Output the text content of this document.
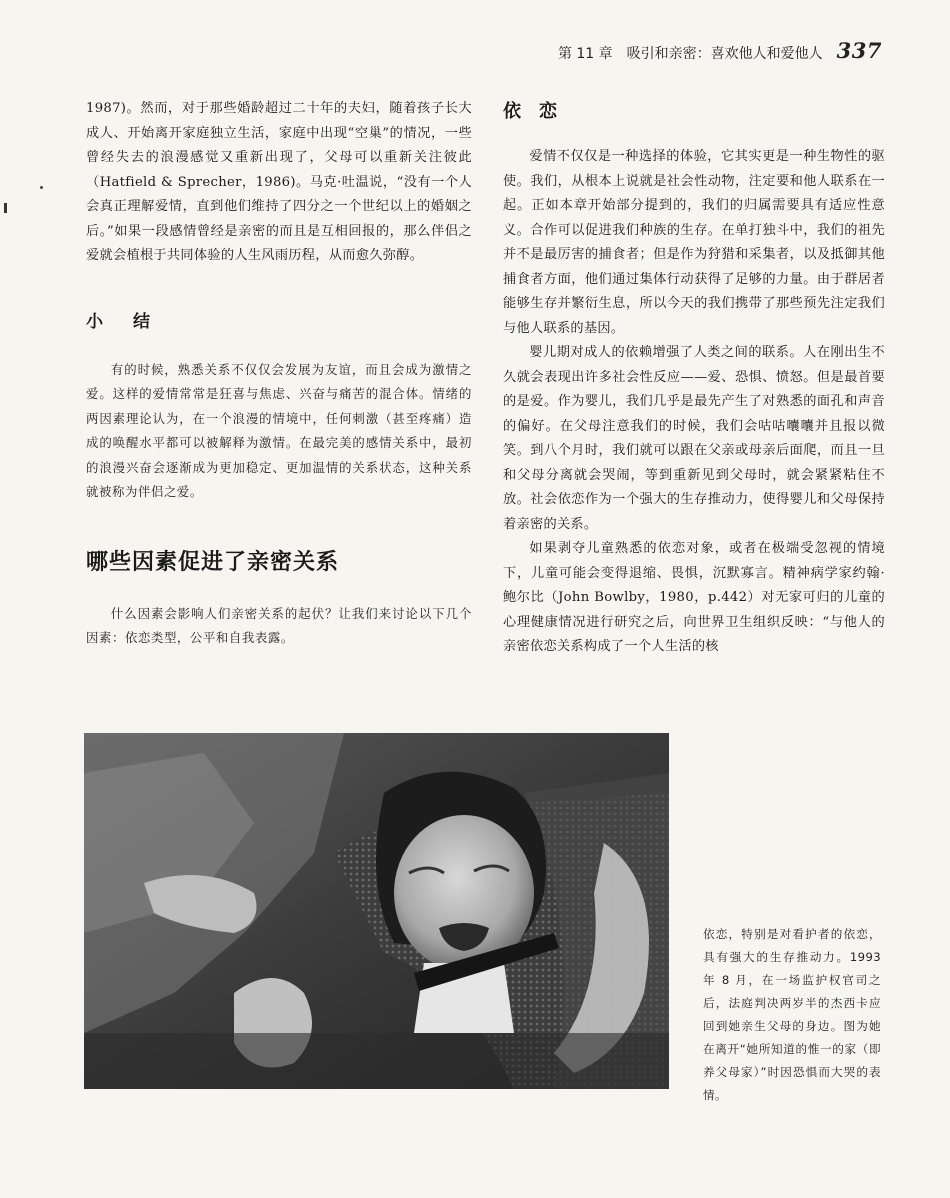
第 11 章 吸引和亲密：喜欢他人和爱他人 337

1987)。然而，对于那些婚龄超过二十年的夫妇，随着孩子长大成人、开始离开家庭独立生活，家庭中出现“空巢”的情况，一些曾经失去的浪漫感觉又重新出现了，父母可以重新关注彼此（Hatfield & Sprecher，1986)。马克·吐温说，“没有一个人会真正理解爱情，直到他们维持了四分之一个世纪以上的婚姻之后。”如果一段感情曾经是亲密的而且是互相回报的，那么伴侣之爱就会植根于共同体验的人生风雨历程，从而愈久弥醇。

小结

有的时候，熟悉关系不仅仅会发展为友谊，而且会成为激情之爱。这样的爱情常常是狂喜与焦虑、兴奋与痛苦的混合体。情绪的两因素理论认为，在一个浪漫的情境中，任何刺激（甚至疼痛）造成的唤醒水平都可以被解释为激情。在最完美的感情关系中，最初的浪漫兴奋会逐渐成为更加稳定、更加温情的关系状态，这种关系就被称为伴侣之爱。

哪些因素促进了亲密关系

什么因素会影响人们亲密关系的起伏？让我们来讨论以下几个因素：依恋类型，公平和自我表露。

依恋

爱情不仅仅是一种选择的体验，它其实更是一种生物性的驱使。我们，从根本上说就是社会性动物，注定要和他人联系在一起。正如本章开始部分提到的，我们的归属需要具有适应性意义。合作可以促进我们种族的生存。在单打独斗中，我们的祖先并不是最厉害的捕食者；但是作为狩猎和采集者，以及抵御其他捕食者方面，他们通过集体行动获得了足够的力量。由于群居者能够生存并繁衍生息，所以今天的我们携带了那些预先注定我们与他人联系的基因。

婴儿期对成人的依赖增强了人类之间的联系。人在刚出生不久就会表现出许多社会性反应——爱、恐惧、愤怒。但是最首要的是爱。作为婴儿，我们几乎是最先产生了对熟悉的面孔和声音的偏好。在父母注意我们的时候，我们会咕咕囔囔并且报以微笑。到八个月时，我们就可以跟在父亲或母亲后面爬，而且一旦和父母分离就会哭闹，等到重新见到父母时，就会紧紧粘住不放。社会依恋作为一个强大的生存推动力，使得婴儿和父母保持着亲密的关系。

如果剥夺儿童熟悉的依恋对象，或者在极端受忽视的情境下，儿童可能会变得退缩、畏惧，沉默寡言。精神病学家约翰·鲍尔比（John Bowlby，1980，p.442）对无家可归的儿童的心理健康情况进行研究之后，向世界卫生组织反映：“与他人的亲密依恋关系构成了一个人生活的核

依恋，特别是对看护者的依恋，具有强大的生存推动力。1993 年 8 月，在一场监护权官司之后，法庭判决两岁半的杰西卡应回到她亲生父母的身边。图为她在离开“她所知道的惟一的家（即养父母家）”时因恐惧而大哭的表情。
